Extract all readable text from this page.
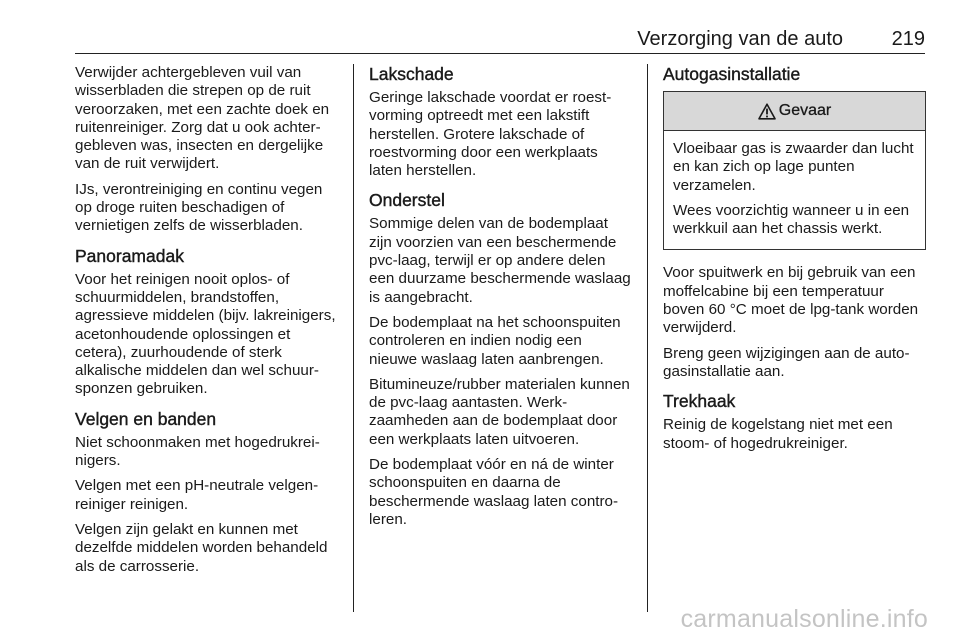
Verzorging van de auto 219

Verwijder achtergebleven vuil van wisserbladen die strepen op de ruit veroorzaken, met een zachte doek en ruitenreiniger. Zorg dat u ook achtergebleven was, insecten en dergelijke van de ruit verwijdert.

IJs, verontreiniging en continu vegen op droge ruiten beschadigen of vernietigen zelfs de wisserbladen.

Panoramadak

Voor het reinigen nooit oplos- of schuurmiddelen, brandstoffen, agressieve middelen (bijv. lakreinigers, acetonhoudende oplossingen et cetera), zuurhoudende of sterk alkalische middelen dan wel schuursponzen gebruiken.

Velgen en banden

Niet schoonmaken met hogedrukreinigers.

Velgen met een pH-neutrale velgenreiniger reinigen.

Velgen zijn gelakt en kunnen met dezelfde middelen worden behandeld als de carrosserie.

Lakschade

Geringe lakschade voordat er roestvorming optreedt met een lakstift herstellen. Grotere lakschade of roestvorming door een werkplaats laten herstellen.

Onderstel

Sommige delen van de bodemplaat zijn voorzien van een beschermende pvc-laag, terwijl er op andere delen een duurzame beschermende waslaag is aangebracht.

De bodemplaat na het schoonspuiten controleren en indien nodig een nieuwe waslaag laten aanbrengen.

Bitumineuze/rubber materialen kunnen de pvc-laag aantasten. Werkzaamheden aan de bodemplaat door een werkplaats laten uitvoeren.

De bodemplaat vóór en ná de winter schoonspuiten en daarna de beschermende waslaag laten controleren.

Autogasinstallatie
Gevaar

Vloeibaar gas is zwaarder dan lucht en kan zich op lage punten verzamelen.

Wees voorzichtig wanneer u in een werkkuil aan het chassis werkt.

Voor spuitwerk en bij gebruik van een moffelcabine bij een temperatuur boven 60 °C moet de lpg-tank worden verwijderd.

Breng geen wijzigingen aan de autogasinstallatie aan.

Trekhaak

Reinig de kogelstang niet met een stoom- of hogedrukreiniger.

carmanualsonline.info
